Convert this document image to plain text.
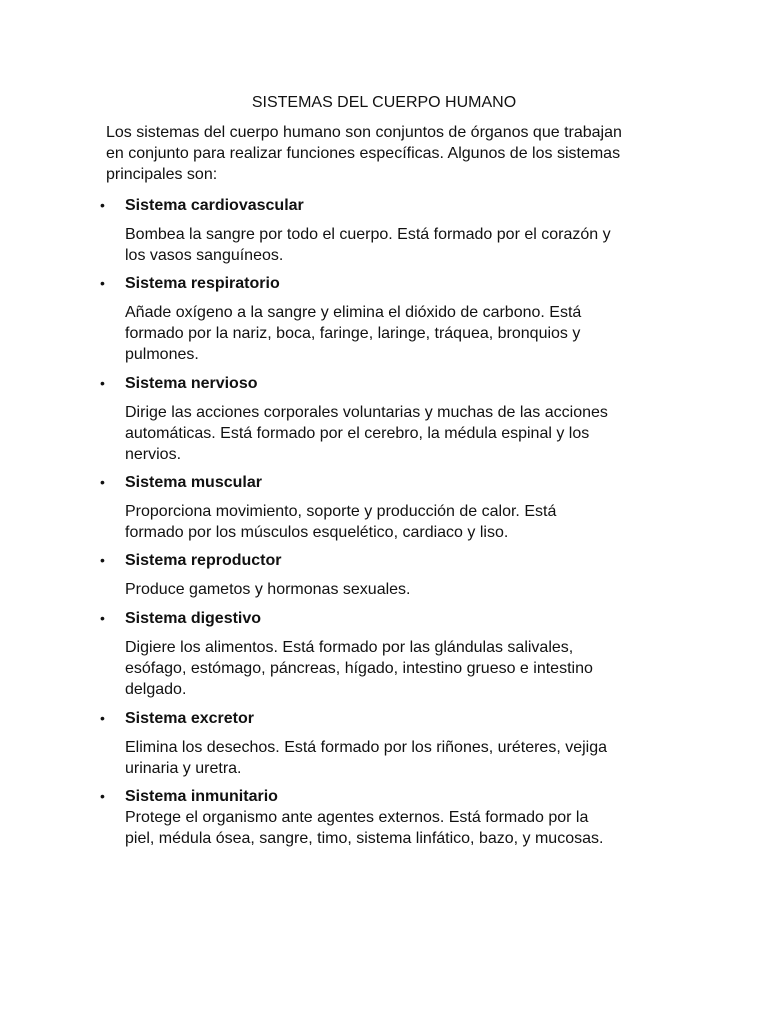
SISTEMAS DEL CUERPO HUMANO

Los sistemas del cuerpo humano son conjuntos de órganos que trabajan
en conjunto para realizar funciones específicas. Algunos de los sistemas
principales son:

• Sistema cardiovascular
Bombea la sangre por todo el cuerpo. Está formado por el corazón y
los vasos sanguíneos.
• Sistema respiratorio
Añade oxígeno a la sangre y elimina el dióxido de carbono. Está
formado por la nariz, boca, faringe, laringe, tráquea, bronquios y
pulmones.
• Sistema nervioso
Dirige las acciones corporales voluntarias y muchas de las acciones
automáticas. Está formado por el cerebro, la médula espinal y los
nervios.
• Sistema muscular
Proporciona movimiento, soporte y producción de calor. Está
formado por los músculos esquelético, cardiaco y liso.
• Sistema reproductor
Produce gametos y hormonas sexuales.
• Sistema digestivo
Digiere los alimentos. Está formado por las glándulas salivales,
esófago, estómago, páncreas, hígado, intestino grueso e intestino
delgado.
• Sistema excretor
Elimina los desechos. Está formado por los riñones, uréteres, vejiga
urinaria y uretra.
• Sistema inmunitario
Protege el organismo ante agentes externos. Está formado por la
piel, médula ósea, sangre, timo, sistema linfático, bazo, y mucosas.
